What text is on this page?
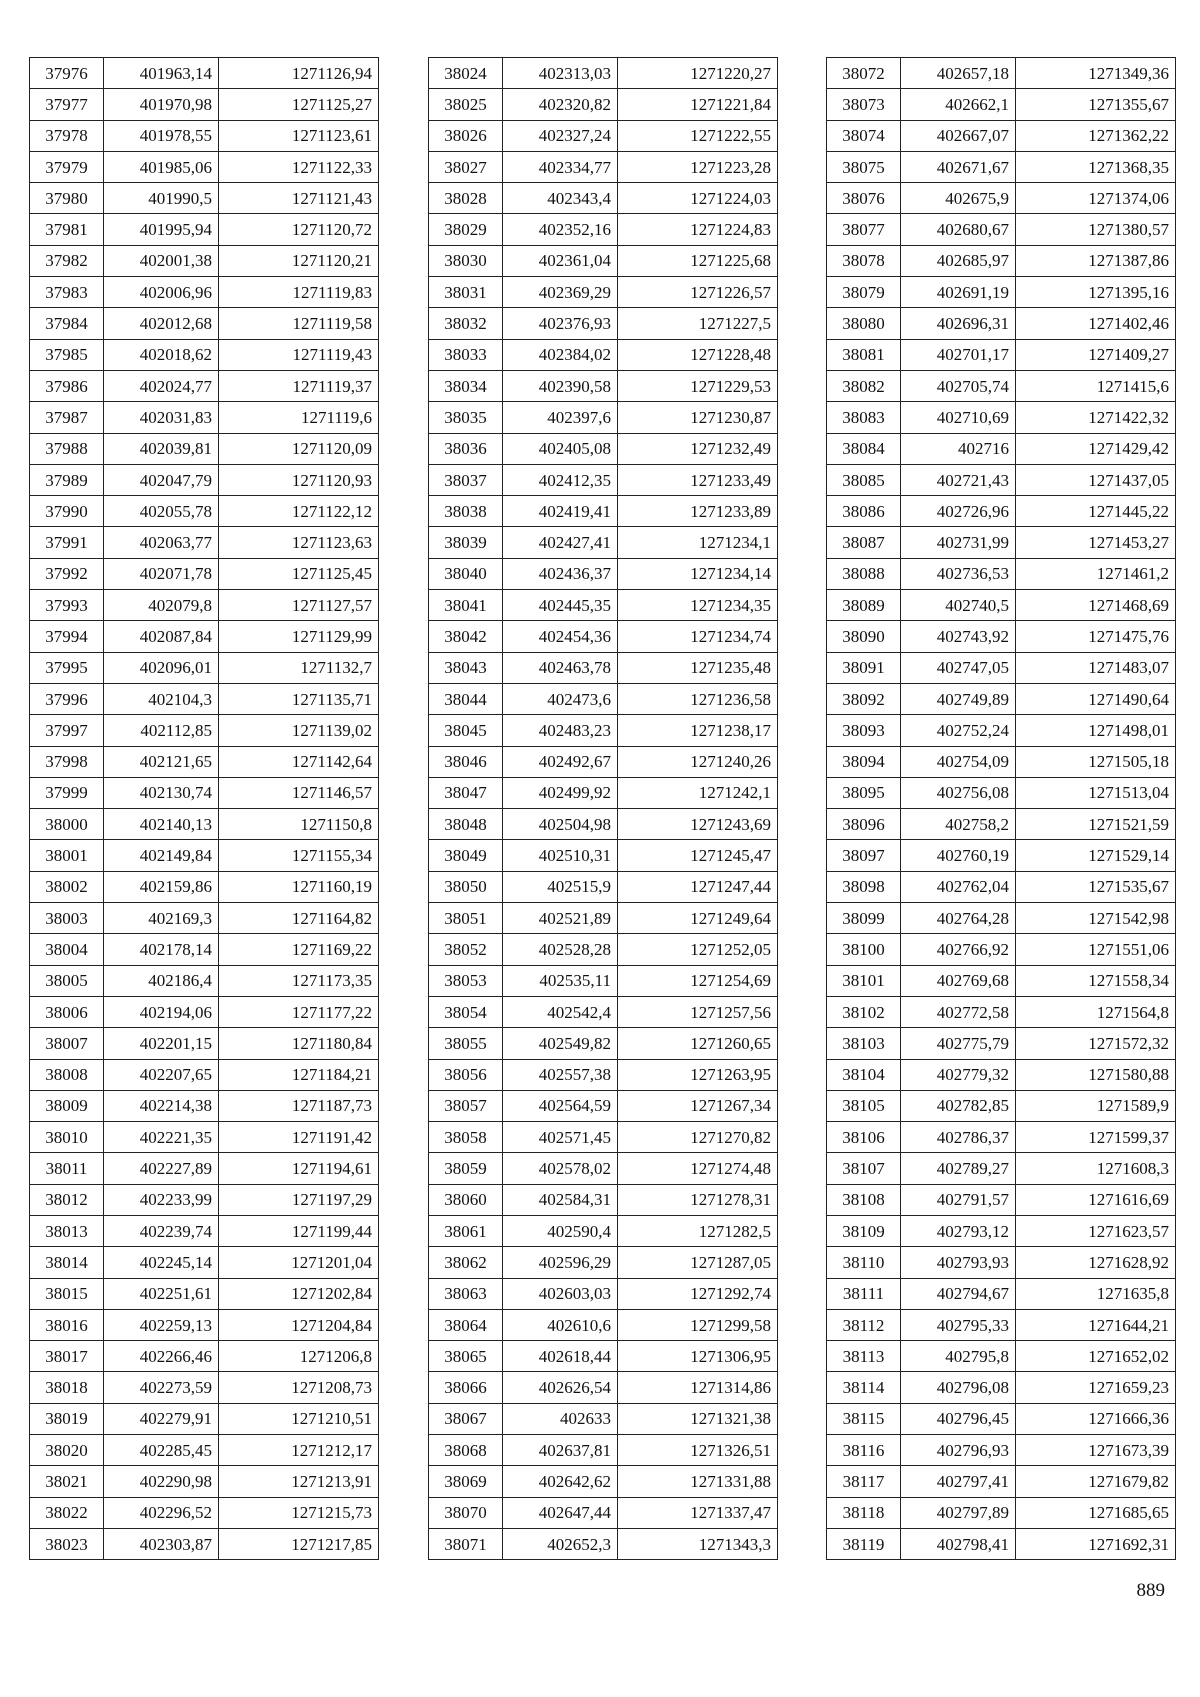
37976	401963,14	1271126,94
37977	401970,98	1271125,27
37978	401978,55	1271123,61
37979	401985,06	1271122,33
37980	401990,5	1271121,43
37981	401995,94	1271120,72
37982	402001,38	1271120,21
37983	402006,96	1271119,83
37984	402012,68	1271119,58
37985	402018,62	1271119,43
37986	402024,77	1271119,37
37987	402031,83	1271119,6
37988	402039,81	1271120,09
37989	402047,79	1271120,93
37990	402055,78	1271122,12
37991	402063,77	1271123,63
37992	402071,78	1271125,45
37993	402079,8	1271127,57
37994	402087,84	1271129,99
37995	402096,01	1271132,7
37996	402104,3	1271135,71
37997	402112,85	1271139,02
37998	402121,65	1271142,64
37999	402130,74	1271146,57
38000	402140,13	1271150,8
38001	402149,84	1271155,34
38002	402159,86	1271160,19
38003	402169,3	1271164,82
38004	402178,14	1271169,22
38005	402186,4	1271173,35
38006	402194,06	1271177,22
38007	402201,15	1271180,84
38008	402207,65	1271184,21
38009	402214,38	1271187,73
38010	402221,35	1271191,42
38011	402227,89	1271194,61
38012	402233,99	1271197,29
38013	402239,74	1271199,44
38014	402245,14	1271201,04
38015	402251,61	1271202,84
38016	402259,13	1271204,84
38017	402266,46	1271206,8
38018	402273,59	1271208,73
38019	402279,91	1271210,51
38020	402285,45	1271212,17
38021	402290,98	1271213,91
38022	402296,52	1271215,73
38023	402303,87	1271217,85
38024	402313,03	1271220,27
38025	402320,82	1271221,84
38026	402327,24	1271222,55
38027	402334,77	1271223,28
38028	402343,4	1271224,03
38029	402352,16	1271224,83
38030	402361,04	1271225,68
38031	402369,29	1271226,57
38032	402376,93	1271227,5
38033	402384,02	1271228,48
38034	402390,58	1271229,53
38035	402397,6	1271230,87
38036	402405,08	1271232,49
38037	402412,35	1271233,49
38038	402419,41	1271233,89
38039	402427,41	1271234,1
38040	402436,37	1271234,14
38041	402445,35	1271234,35
38042	402454,36	1271234,74
38043	402463,78	1271235,48
38044	402473,6	1271236,58
38045	402483,23	1271238,17
38046	402492,67	1271240,26
38047	402499,92	1271242,1
38048	402504,98	1271243,69
38049	402510,31	1271245,47
38050	402515,9	1271247,44
38051	402521,89	1271249,64
38052	402528,28	1271252,05
38053	402535,11	1271254,69
38054	402542,4	1271257,56
38055	402549,82	1271260,65
38056	402557,38	1271263,95
38057	402564,59	1271267,34
38058	402571,45	1271270,82
38059	402578,02	1271274,48
38060	402584,31	1271278,31
38061	402590,4	1271282,5
38062	402596,29	1271287,05
38063	402603,03	1271292,74
38064	402610,6	1271299,58
38065	402618,44	1271306,95
38066	402626,54	1271314,86
38067	402633	1271321,38
38068	402637,81	1271326,51
38069	402642,62	1271331,88
38070	402647,44	1271337,47
38071	402652,3	1271343,3
38072	402657,18	1271349,36
38073	402662,1	1271355,67
38074	402667,07	1271362,22
38075	402671,67	1271368,35
38076	402675,9	1271374,06
38077	402680,67	1271380,57
38078	402685,97	1271387,86
38079	402691,19	1271395,16
38080	402696,31	1271402,46
38081	402701,17	1271409,27
38082	402705,74	1271415,6
38083	402710,69	1271422,32
38084	402716	1271429,42
38085	402721,43	1271437,05
38086	402726,96	1271445,22
38087	402731,99	1271453,27
38088	402736,53	1271461,2
38089	402740,5	1271468,69
38090	402743,92	1271475,76
38091	402747,05	1271483,07
38092	402749,89	1271490,64
38093	402752,24	1271498,01
38094	402754,09	1271505,18
38095	402756,08	1271513,04
38096	402758,2	1271521,59
38097	402760,19	1271529,14
38098	402762,04	1271535,67
38099	402764,28	1271542,98
38100	402766,92	1271551,06
38101	402769,68	1271558,34
38102	402772,58	1271564,8
38103	402775,79	1271572,32
38104	402779,32	1271580,88
38105	402782,85	1271589,9
38106	402786,37	1271599,37
38107	402789,27	1271608,3
38108	402791,57	1271616,69
38109	402793,12	1271623,57
38110	402793,93	1271628,92
38111	402794,67	1271635,8
38112	402795,33	1271644,21
38113	402795,8	1271652,02
38114	402796,08	1271659,23
38115	402796,45	1271666,36
38116	402796,93	1271673,39
38117	402797,41	1271679,82
38118	402797,89	1271685,65
38119	402798,41	1271692,31
889
